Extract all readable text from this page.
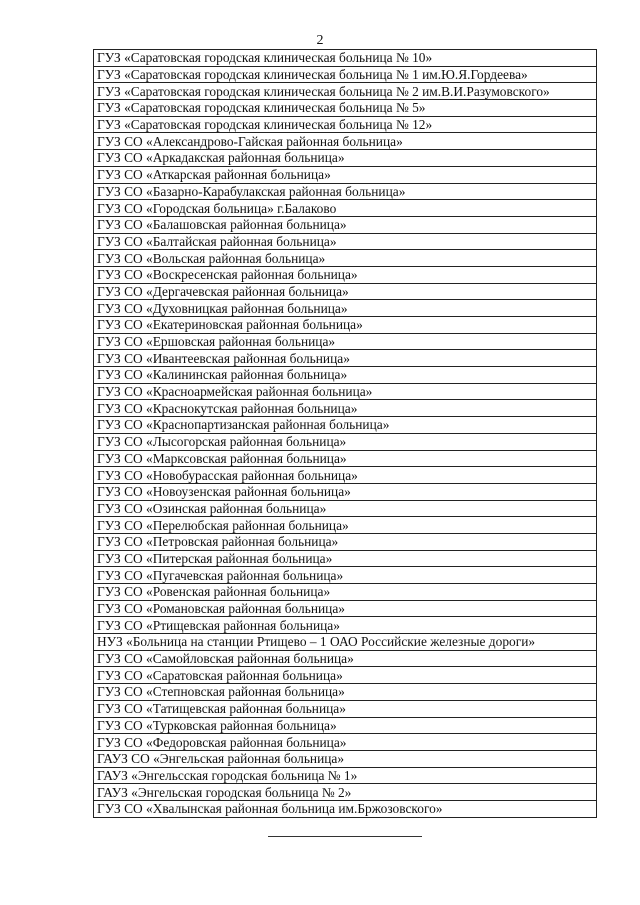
2
ГУЗ «Саратовская городская клиническая больница № 10»
ГУЗ «Саратовская городская клиническая больница № 1 им.Ю.Я.Гордеева»
ГУЗ «Саратовская городская клиническая больница № 2 им.В.И.Разумовского»
ГУЗ «Саратовская городская клиническая больница № 5»
ГУЗ «Саратовская городская клиническая больница № 12»
ГУЗ СО «Александрово-Гайская районная больница»
ГУЗ СО «Аркадакская районная больница»
ГУЗ СО «Аткарская районная больница»
ГУЗ СО «Базарно-Карабулакская районная больница»
ГУЗ СО «Городская больница» г.Балаково
ГУЗ СО «Балашовская районная больница»
ГУЗ СО «Балтайская районная больница»
ГУЗ СО «Вольская районная больница»
ГУЗ СО «Воскресенская районная больница»
ГУЗ СО «Дергачевская районная больница»
ГУЗ СО «Духовницкая районная больница»
ГУЗ СО «Екатериновская районная больница»
ГУЗ СО «Ершовская районная больница»
ГУЗ СО «Ивантеевская районная больница»
ГУЗ СО «Калининская районная больница»
ГУЗ СО «Красноармейская районная больница»
ГУЗ СО «Краснокутская районная больница»
ГУЗ СО «Краснопартизанская районная больница»
ГУЗ СО «Лысогорская районная больница»
ГУЗ СО «Марксовская районная больница»
ГУЗ СО «Новобурасская районная больница»
ГУЗ СО «Новоузенская районная больница»
ГУЗ СО «Озинская районная больница»
ГУЗ СО «Перелюбская районная больница»
ГУЗ СО «Петровская районная больница»
ГУЗ СО «Питерская районная больница»
ГУЗ СО «Пугачевская районная больница»
ГУЗ СО «Ровенская районная больница»
ГУЗ СО «Романовская районная больница»
ГУЗ СО «Ртищевская районная больница»
НУЗ «Больница на станции Ртищево – 1 ОАО Российские железные дороги»
ГУЗ СО «Самойловская районная больница»
ГУЗ СО «Саратовская районная больница»
ГУЗ СО «Степновская районная больница»
ГУЗ СО «Татищевская районная больница»
ГУЗ СО «Турковская районная больница»
ГУЗ СО «Федоровская районная больница»
ГАУЗ СО «Энгельская районная больница»
ГАУЗ «Энгельсская городская больница № 1»
ГАУЗ «Энгельская городская больница № 2»
ГУЗ СО «Хвалынская районная больница им.Бржозовского»
